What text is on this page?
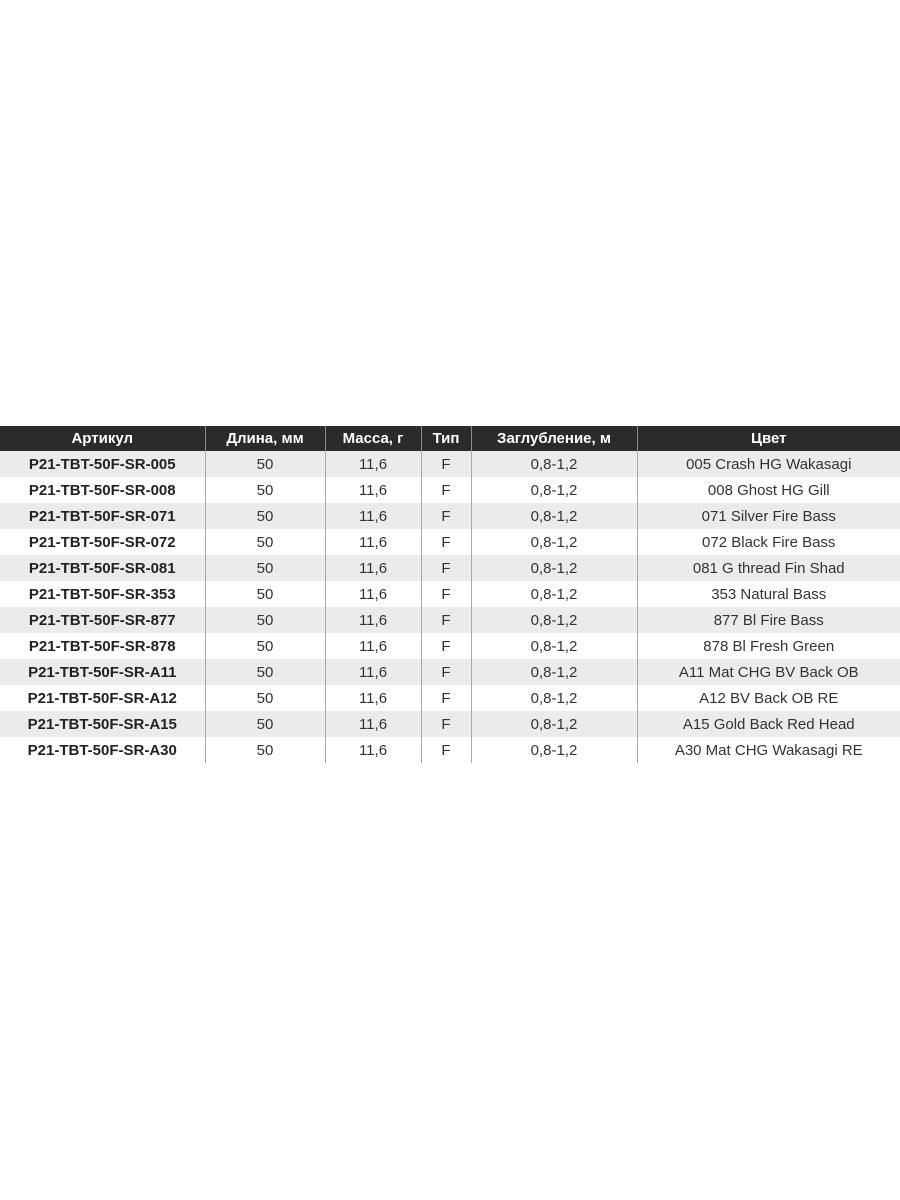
Артикул	Длина, мм	Масса, г	Тип	Заглубление, м	Цвет
P21-TBT-50F-SR-005	50	11,6	F	0,8-1,2	005 Crash HG Wakasagi
P21-TBT-50F-SR-008	50	11,6	F	0,8-1,2	008 Ghost HG Gill
P21-TBT-50F-SR-071	50	11,6	F	0,8-1,2	071 Silver Fire Bass
P21-TBT-50F-SR-072	50	11,6	F	0,8-1,2	072 Black Fire Bass
P21-TBT-50F-SR-081	50	11,6	F	0,8-1,2	081 G thread Fin Shad
P21-TBT-50F-SR-353	50	11,6	F	0,8-1,2	353 Natural Bass
P21-TBT-50F-SR-877	50	11,6	F	0,8-1,2	877 Bl Fire Bass
P21-TBT-50F-SR-878	50	11,6	F	0,8-1,2	878 Bl Fresh Green
P21-TBT-50F-SR-A11	50	11,6	F	0,8-1,2	A11 Mat CHG BV Back OB
P21-TBT-50F-SR-A12	50	11,6	F	0,8-1,2	A12 BV Back OB RE
P21-TBT-50F-SR-A15	50	11,6	F	0,8-1,2	A15 Gold Back Red Head
P21-TBT-50F-SR-A30	50	11,6	F	0,8-1,2	A30 Mat CHG Wakasagi RE
